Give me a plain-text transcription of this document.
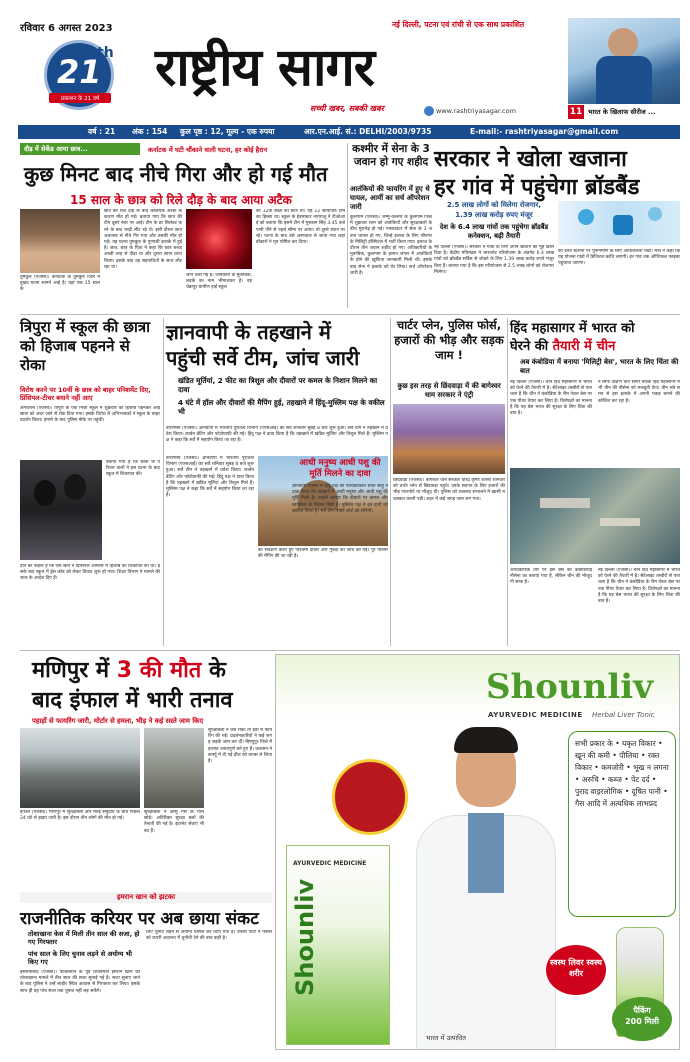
रविवार 6 अगस्त 2023
21
th
प्रकाशन के 21 वर्ष
नई दिल्ली, पटना एवं रांची से एक साथ प्रकाशित
राष्ट्रीय सागर
सच्ची खबर, सबकी खबर	www.rashtriyasagar.com	11 भारत के खिलाफ सीरीज ...
वर्ष : 21 अंक : 154 कुल पृष्ठ : 12, मूल्य - एक रुपया	आर.एन.आई. सं.: DELHI/2003/9735	E-mail:- rashtriyasagar@gmail.com
दौड़ में सेकेंड आया छात्र...	कर्नाटक में घटी चौंकाने वाली घटना, हर कोई हैरान
कुछ मिनट बाद नीचे गिरा और हो गई मौत
15 साल के छात्र को रिले दौड़ के बाद आया अटैक
तुमकुरु (एजेंसी)। कर्नाटक के तुमकुरु जिले में दुखद घटना सामने आई है। यहां एक 15 साल के
छात्र की रिले दौड़ के बाद कार्डियक अरेस्ट के कारण मौत हो गई। बताया गया कि छात्र की टीम दूसरे नंबर पर आई। टीम के डर सिलेक्ट करने के बाद चन्द्री लीट रहे थे। इसी दौरान छात्र अचानक से नीचे गिर गया और उसकी मौत हो गई। यह घटना तुमकुरु के पुण्यश्री इलाके में हुई है। छात्र, छात्र के पिता ने कहा कि छात्र बच्चा अच्छी तरह से दौड़ा था और दूसरा स्थान प्राप्त किया। इसके बाद वह सहपाठियों के साथ लौट रहा था।
जान चली गई है। जानकारी के मुताबिक, लड़के का नाम भीमाशंकर है। वह चेन्नापुर ग्रामीण हाई स्कूल
का 12वीं कक्षा का छात्र था। यह 12 सत्यापीठ टीम का हिस्सा था। स्कूल के हेडमास्टर नागराजू ने टीओआई को बताया कि इसमें टीम में मुस्कान सिंह 3.45 बजे पानी पीने से पहले सीमा पर आया। वो दूसरे स्थान पर रहे। घटना के बाद उसे अस्पताल ले जाया गया जहां डॉक्टरों ने मृत घोषित कर दिया।
कश्मीर में सेना के 3 जवान हो गए शहीद
आतंकियों की फायरिंग में हुए थे घायल, आर्मी का सर्च ऑपरेशन जारी
कुलगाम (एजेंसी)। जम्मू-कश्मीर के कुलगाम जिले में शुक्रवार शाम को आतंकियों और सुरक्षाबलों के बीच मुठभेड़ हो गई। एनकाउंटर में सेना के 3 जवान घायल हो गए, जिन्हें इलाज के लिए श्रीनगर के मिलिट्री हॉस्पिटल में भर्ती किया गया। इलाज के दौरान तीन जवान शहीद हो गए। अधिकारियों के मुताबिक, कुलगाम के हलान जंगल में आतंकियों के होने की खुफिया जानकारी मिली थी। इसके बाद सेना ने इलाके को घेर लिया। सर्च ऑपरेशन जारी है।
सरकार ने खोला खजाना
हर गांव में पहुंचेगा ब्रॉडबैंड
2.5 लाख लोगों को मिलेगा रोजगार,
1.39 लाख करोड़ रुपए मंजूर
देश के 6.4 लाख गांवों तक पहुंचेगा ब्रॉडबैंड कनेक्शन, बढ़ी तैयारी
नई दिल्ली (एजेंसी)। सरकार ने गांवों के लिए अपने खजाने का मुंह खोल दिया है। केंद्रीय मंत्रिमंडल ने भारतनेट परियोजना के अंतर्गत 6.4 लाख गांवों को ब्रॉडबैंड सर्विस से जोड़ने के लिए 1.39 लाख करोड़ रुपये मंजूर किए हैं। बताया गया है कि इस परियोजना से 2.5 लाख लोगों को रोजगार मिलेगा।
को रेलवे स्टेशनों पर पुनर्निर्माण के लिए आधारशिला रखी। मंत्री ने कहा कि यह योजना गांवों में डिजिटल क्रांति लाएगी। हर गांव तक ऑप्टिकल फाइबर पहुंचाया जाएगा।
त्रिपुरा में स्कूल की छात्रा को हिजाब पहनने से रोका
विरोध करने पर 10वीं के छात्र को बाहर पनिशमेंट दिए, प्रिंसिपल-टीचर बयाने नहीं आए
अगरतला (एजेंसी)। त्रिपुरा के एक निजी स्कूल में शुक्रवार को हिजाब पहनकर आई छात्रा को अंदर जाने से रोक दिया गया। इसके विरोध में अभिभावकों ने स्कूल के बाहर प्रदर्शन किया। हंगामे के बाद पुलिस मौके पर पहुंची।
बताया गया है कि छात्रा के परिवार वालों ने इस घटना के बाद स्कूल में शिकायत की।
दान का कहना है कि एक छात्र ने प्रिंसिपल ऑफिस में हिजाब की शिकायत की थी। इसके बाद स्कूल में ड्रेस कोड को लेकर विवाद शुरू हो गया। शिक्षा विभाग ने मामले की जांच के आदेश दिए हैं।
ज्ञानवापी के तहखाने में
पहुंची सर्वे टीम, जांच जारी
खंडित मूर्तियां, 2 फीट का त्रिशूल और दीवारों पर कमल के निशान मिलने का दावा
4 घंटे में हॉल और दीवारों की मैपिंग हुई, तहखाने में हिंदू-मुस्लिम पक्ष के वकील भी
वाराणसी (एजेंसी)। ज्ञानवापी में भारतीय पुरातत्व विभाग (एएसआई) का सर्वे शनिवार सुबह 8 बजे शुरू हुआ। सर्वे टीम ने तहखाने में प्रवेश किया। कार्बन डेटिंग और फोटोग्राफी की गई। हिंदू पक्ष ने दावा किया है कि तहखाने में खंडित मूर्तियां और त्रिशूल मिले हैं। मुस्लिम पक्ष ने कहा कि सर्वे में सहयोग किया जा रहा है।
वाराणसी (एजेंसी)। ज्ञानवापी में भारतीय पुरातत्व विभाग (एएसआई) का सर्वे शनिवार सुबह 8 बजे शुरू हुआ। सर्वे टीम ने तहखाने में प्रवेश किया। कार्बन डेटिंग और फोटोग्राफी की गई। हिंदू पक्ष ने दावा किया है कि तहखाने में खंडित मूर्तियां और त्रिशूल मिले हैं। मुस्लिम पक्ष ने कहा कि सर्वे में सहयोग किया जा रहा है।
का सर्वेक्षण करते हुए पश्चिमी दीवार और गुंबदों की जांच की गई। पूरे परिसर की मैपिंग की जा रही है।
आधी मनुष्य आधी पशु की मूर्ति मिलने का दावा
ज्ञानवापी परिसर में हिंदू पक्ष की याचिकाकर्ता सीता साहू ने दावा किया कि तहखाने में आधी मनुष्य और आधी पशु की मूर्ति मिली है। उन्होंने बताया कि दीवारों पर कमल और स्वास्तिक के निशान दिखे हैं। मुस्लिम पक्ष ने इन दावों को खारिज किया है। सर्वे टीम रिपोर्ट कोर्ट को सौंपेगी।
चार्टर प्लेन, पुलिस फोर्स, हजारों की भीड़ और सड़क जाम !
कुछ इस तरह से छिंदवाड़ा में की बागेश्वर धाम सरकार ने एंट्री
छिंदवाड़ा (एजेंसी)। बागेश्वर धाम सरकार धीरेंद्र कृष्ण शास्त्री शनिवार को चार्टर प्लेन से छिंदवाड़ा पहुंचे। उनके स्वागत के लिए हजारों की भीड़ एयरपोर्ट पर मौजूद थी। पुलिस को व्यवस्था संभालने में खासी मशक्कत करनी पड़ी। शहर में कई जगह जाम लग गया।
हिंद महासागर में भारत को
घेरने की तैयारी में चीन
अब कंबोडिया में बनाया 'मिलिट्री बेस', भारत के लिए चिंता की बात
नई दिल्ली (एजेंसी)। चीन हिंद महासागर में भारत को घेरने की तैयारी में है। सैटेलाइट तस्वीरों से पता चला है कि चीन ने कंबोडिया के रीम नेवल बेस पर एक पीयर तैयार कर लिया है। विशेषज्ञों का मानना है कि यह बेस भारत की सुरक्षा के लिए चिंता की बात है।
न सिर्फ दक्षिण चीन सागर बल्कि हिंद महासागर में भी चीन की नौसेना को मजबूती देगा। चीन लंबे समय से इस इलाके में अपनी पकड़ बनाने की कोशिश कर रहा है।
आधिकारिक तौर पर इस बेस को कंबोडियाई नौसेना का बताया गया है, लेकिन चीन की मौजूदगी साफ है।
नई दिल्ली (एजेंसी)। चीन हिंद महासागर में भारत को घेरने की तैयारी में है। सैटेलाइट तस्वीरों से पता चला है कि चीन ने कंबोडिया के रीम नेवल बेस पर एक पीयर तैयार कर लिया है। विशेषज्ञों का मानना है कि यह बेस भारत की सुरक्षा के लिए चिंता की बात है।
मणिपुर में 3 की मौत के
बाद इंफाल में भारी तनाव
पहाड़ों से फायरिंग जारी, मोर्टार से हमला, भीड़ ने कई सस्ते जाम किए
इंफाल (एजेंसी)। मणिपुर में सुरक्षाबलों और मैतेई समुदाय के बीच पिछले 24 घंटे से झड़प जारी है। इस दौरान तीन लोगों की मौत हो गई।
सुरक्षाबलों ने आंसू गैस के गोले छोड़े। अतिरिक्त सुरक्षा बलों की तैनाती की गई है। इंटरनेट सेवाएं भी बंद हैं।
सुरक्षाबलों ने जब रोका तो हवा में फायरिंग की गई। प्रदर्शनकारियों ने कई जगह सड़कें जाम कर दीं। बिष्णुपुर जिले में हालात तनावपूर्ण बने हुए हैं। प्रशासन ने कर्फ्यू में दी गई ढील को वापस ले लिया है।
इमरान खान को झटका
राजनीतिक करियर पर अब छाया संकट
तोशाखाना केस में मिली तीन साल की सजा, हो गए गिरफ्तार
पांच साल के लिए चुनाव लड़ने से अयोग्य भी किए गए
इस्लामाबाद (एजेंसी)। पाकिस्तान के पूर्व प्रधानमंत्री इमरान खान को तोशाखाना मामले में तीन साल की सजा सुनाई गई है। सजा सुनाए जाने के बाद पुलिस ने उन्हें लाहौर स्थित आवास से गिरफ्तार कर लिया। इसके साथ ही वह पांच साल तक चुनाव नहीं लड़ सकेंगे।
लिए चुनाव लड़ने से अयोग्य घोषित कर दिया गया है। उनकी पार्टी ने फैसले को ऊपरी अदालत में चुनौती देने की बात कही है।
Shounliv
AYURVEDIC MEDICINE Herbal Liver Tonic
सभी प्रकार के • यकृत विकार • खून की कमी • पीलिया • रक्त विकार • कमजोरी • भूख न लगना • अरुचि • कब्ज • पेट दर्द • पुराद वाइरलोगिक • दूषित पानी • गैस आदि में अत्यधिक लाभप्रद
AYURVEDIC MEDICINE
Shounliv	स्वस्थ लिवर स्वस्थ शरीर
पैकिंग
200 मिली
भारत में उत्पादित
